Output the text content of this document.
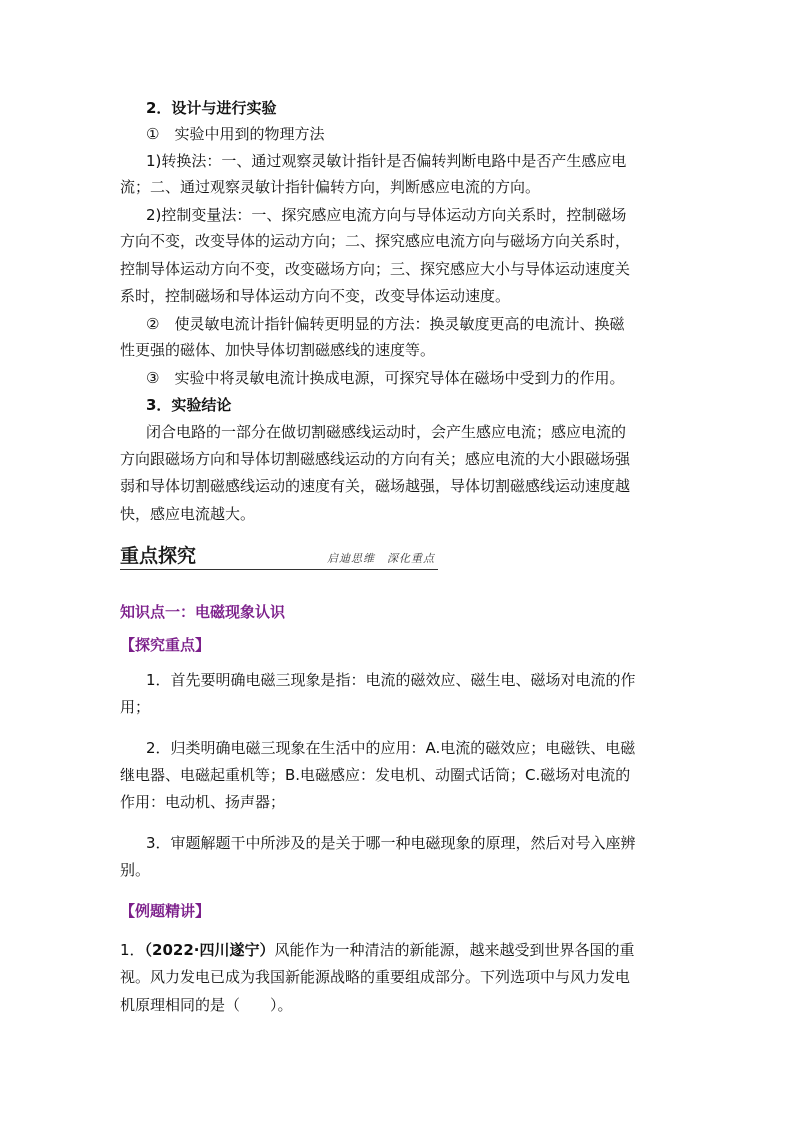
2．设计与进行实验
①　实验中用到的物理方法
1)转换法：一、通过观察灵敏计指针是否偏转判断电路中是否产生感应电
流；二、通过观察灵敏计指针偏转方向，判断感应电流的方向。
2)控制变量法：一、探究感应电流方向与导体运动方向关系时，控制磁场
方向不变，改变导体的运动方向；二、探究感应电流方向与磁场方向关系时，
控制导体运动方向不变，改变磁场方向；三、探究感应大小与导体运动速度关
系时，控制磁场和导体运动方向不变，改变导体运动速度。
②　使灵敏电流计指针偏转更明显的方法：换灵敏度更高的电流计、换磁
性更强的磁体、加快导体切割磁感线的速度等。
③　实验中将灵敏电流计换成电源，可探究导体在磁场中受到力的作用。
3．实验结论
闭合电路的一部分在做切割磁感线运动时，会产生感应电流；感应电流的
方向跟磁场方向和导体切割磁感线运动的方向有关；感应电流的大小跟磁场强
弱和导体切割磁感线运动的速度有关，磁场越强，导体切割磁感线运动速度越
快，感应电流越大。
重点探究	启迪思维　深化重点
知识点一：电磁现象认识
【探究重点】
1．首先要明确电磁三现象是指：电流的磁效应、磁生电、磁场对电流的作
用；
2．归类明确电磁三现象在生活中的应用：A.电流的磁效应；电磁铁、电磁
继电器、电磁起重机等；B.电磁感应：发电机、动圈式话筒；C.磁场对电流的
作用：电动机、扬声器；
3．审题解题干中所涉及的是关于哪一种电磁现象的原理，然后对号入座辨
别。
【例题精讲】
1．（2022·四川遂宁）风能作为一种清洁的新能源，越来越受到世界各国的重
视。风力发电已成为我国新能源战略的重要组成部分。下列选项中与风力发电
机原理相同的是（　　）。
